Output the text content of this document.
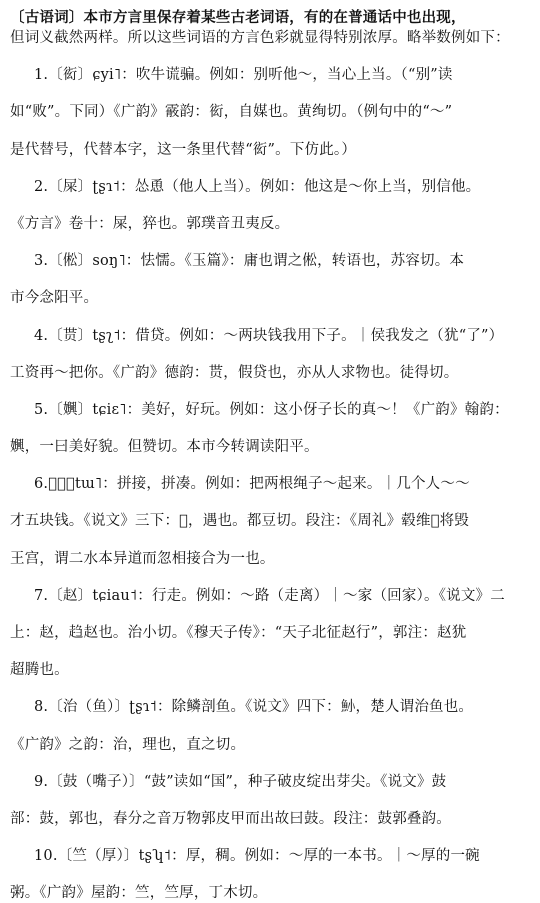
〔古语词〕本市方言里保存着某些古老词语，有的在普通话中也出现，
但词义截然两样。所以这些词语的方言色彩就显得特别浓厚。略举数例如下：
1.〔衒〕ɕyi˥：吹牛谎骗。例如：别听他～，当心上当。（“别”读
如“败”。下同）《广韵》霰韵：衒，自媒也。黄绚切。（例句中的“～”
是代替号，代替本字，这一条里代替“衒”。下仿此。）
2.〔屎〕ʈʂɿ˦：怂恿（他人上当）。例如：他这是～你上当，别信他。
《方言》卷十：屎，猝也。郭璞音丑夷反。
3.〔倯〕soŋ˥：怯懦。《玉篇》：庸也谓之倯，转语也，苏容切。本
市今念阳平。
4.〔贳〕tʂʅ˦：借贷。例如：～两块钱我用下子。｜侯我发之（犹“了”）
工资再～把你。《广韵》德韵：贳，假贷也，亦从人求物也。徒得切。
5.〔嬹〕tɕiɛ˥：美好，好玩。例如：这小伢子长的真～！《广韵》翰韵：
嬹，一曰美好貌。但赞切。本市今转调读阳平。
6.〔𨷛〕tɯ˥：拼接，拼凑。例如：把两根绳子～起来。｜几个人～～
才五块钱。《说文》三下：𨷛，遇也。都豆切。段注：《周礼》毂维𨷛将毁
王宫，谓二水本异道而忽相接合为一也。
7.〔赵〕tɕiau˦：行走。例如：～路（走离）｜～家（回家）。《说文》二
上：赵，趋赵也。治小切。《穆天子传》：“天子北征赵行”，郭注：赵犹
超腾也。
8.〔治（鱼）〕ʈʂɿ˦：除鳞剖鱼。《说文》四下：𩵖，楚人谓治鱼也。
《广韵》之韵：治，理也，直之切。
9.〔鼓（嘴子）〕“鼓”读如“国”，种子破皮绽出芽尖。《说文》鼓
部：鼓，郭也，春分之音万物郭皮甲而出故曰鼓。段注：鼓郭叠韵。
10.〔竺（厚）〕tʂʮ˦：厚，稠。例如：～厚的一本书。｜～厚的一碗
粥。《广韵》屋韵：竺，竺厚，丁木切。
